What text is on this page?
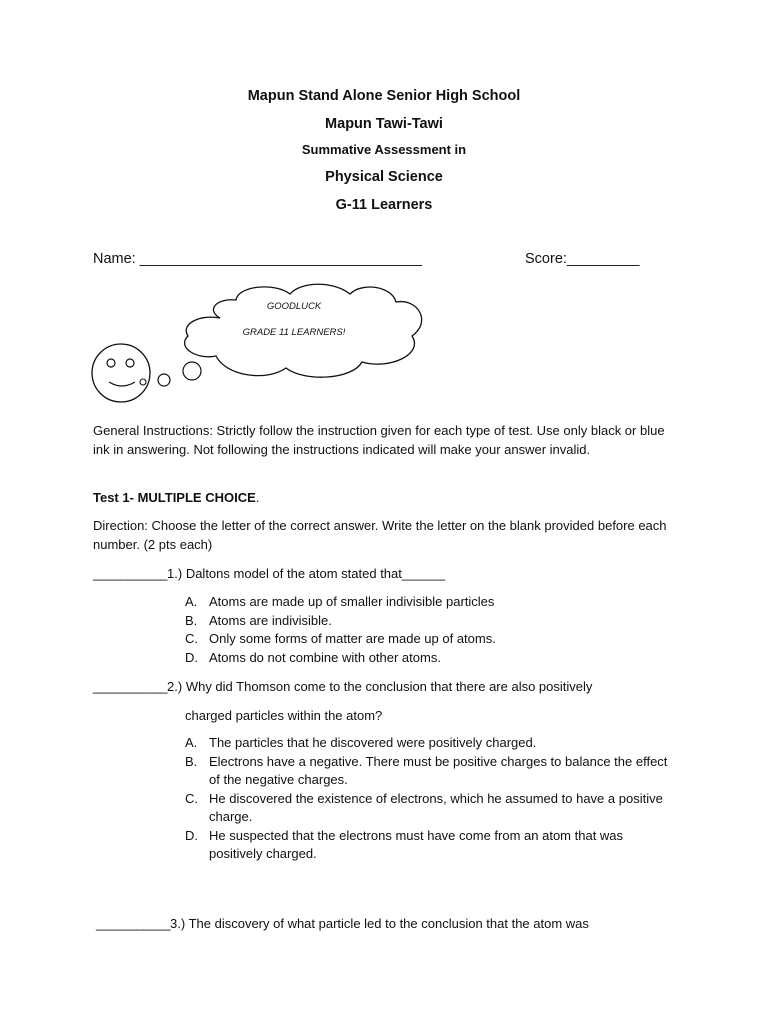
Mapun Stand Alone Senior High School
Mapun Tawi-Tawi
Summative Assessment in
Physical Science
G-11 Learners
Name: ___________________________________	Score:_________
GOODLUCK
GRADE 11 LEARNERS!
General Instructions: Strictly follow the instruction given for each type of test. Use only black or blue ink in answering. Not following the instructions indicated will make your answer invalid.
Test 1- MULTIPLE CHOICE.
Direction: Choose the letter of the correct answer. Write the letter on the blank provided before each number. (2 pts each)
___________1.) Daltons model of the atom stated that______
A. Atoms are made up of smaller indivisible particles
B. Atoms are indivisible.
C. Only some forms of matter are made up of atoms.
D. Atoms do not combine with other atoms.
___________2.) Why did Thomson come to the conclusion that there are also positively
charged particles within the atom?
A. The particles that he discovered were positively charged.
B. Electrons have a negative. There must be positive charges to balance the effect of the negative charges.
C. He discovered the existence of electrons, which he assumed to have a positive charge.
D. He suspected that the electrons must have come from an atom that was positively charged.
___________3.) The discovery of what particle led to the conclusion that the atom was
